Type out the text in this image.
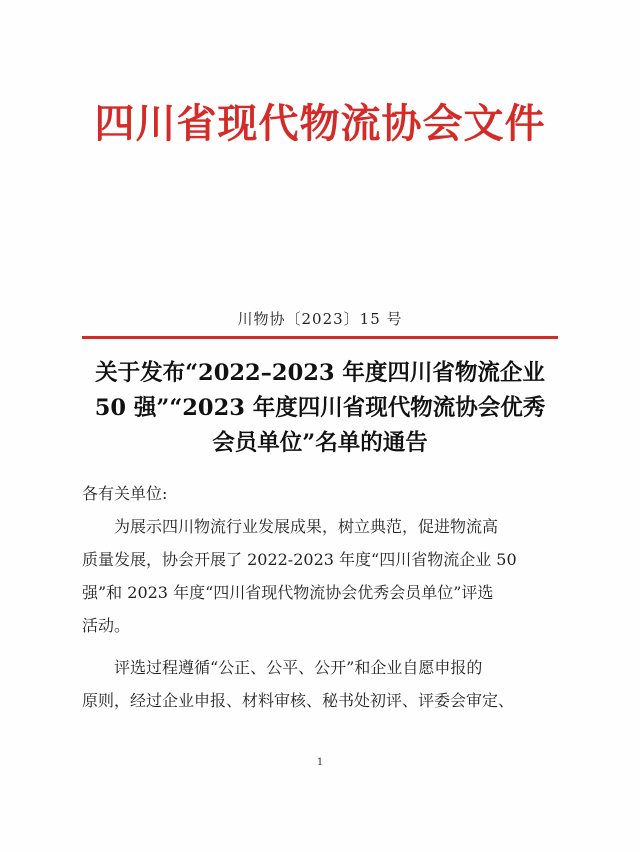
四川省现代物流协会文件
川物协〔2023〕15 号
关于发布“2022–2023 年度四川省物流企业
50 强”“2023 年度四川省现代物流协会优秀
会员单位”名单的通告
各有关单位:
为展示四川物流行业发展成果，树立典范，促进物流高
质量发展，协会开展了 2022-2023 年度“四川省物流企业 50
强”和 2023 年度“四川省现代物流协会优秀会员单位”评选
活动。
评选过程遵循“公正、公平、公开”和企业自愿申报的
原则，经过企业申报、材料审核、秘书处初评、评委会审定、
1
